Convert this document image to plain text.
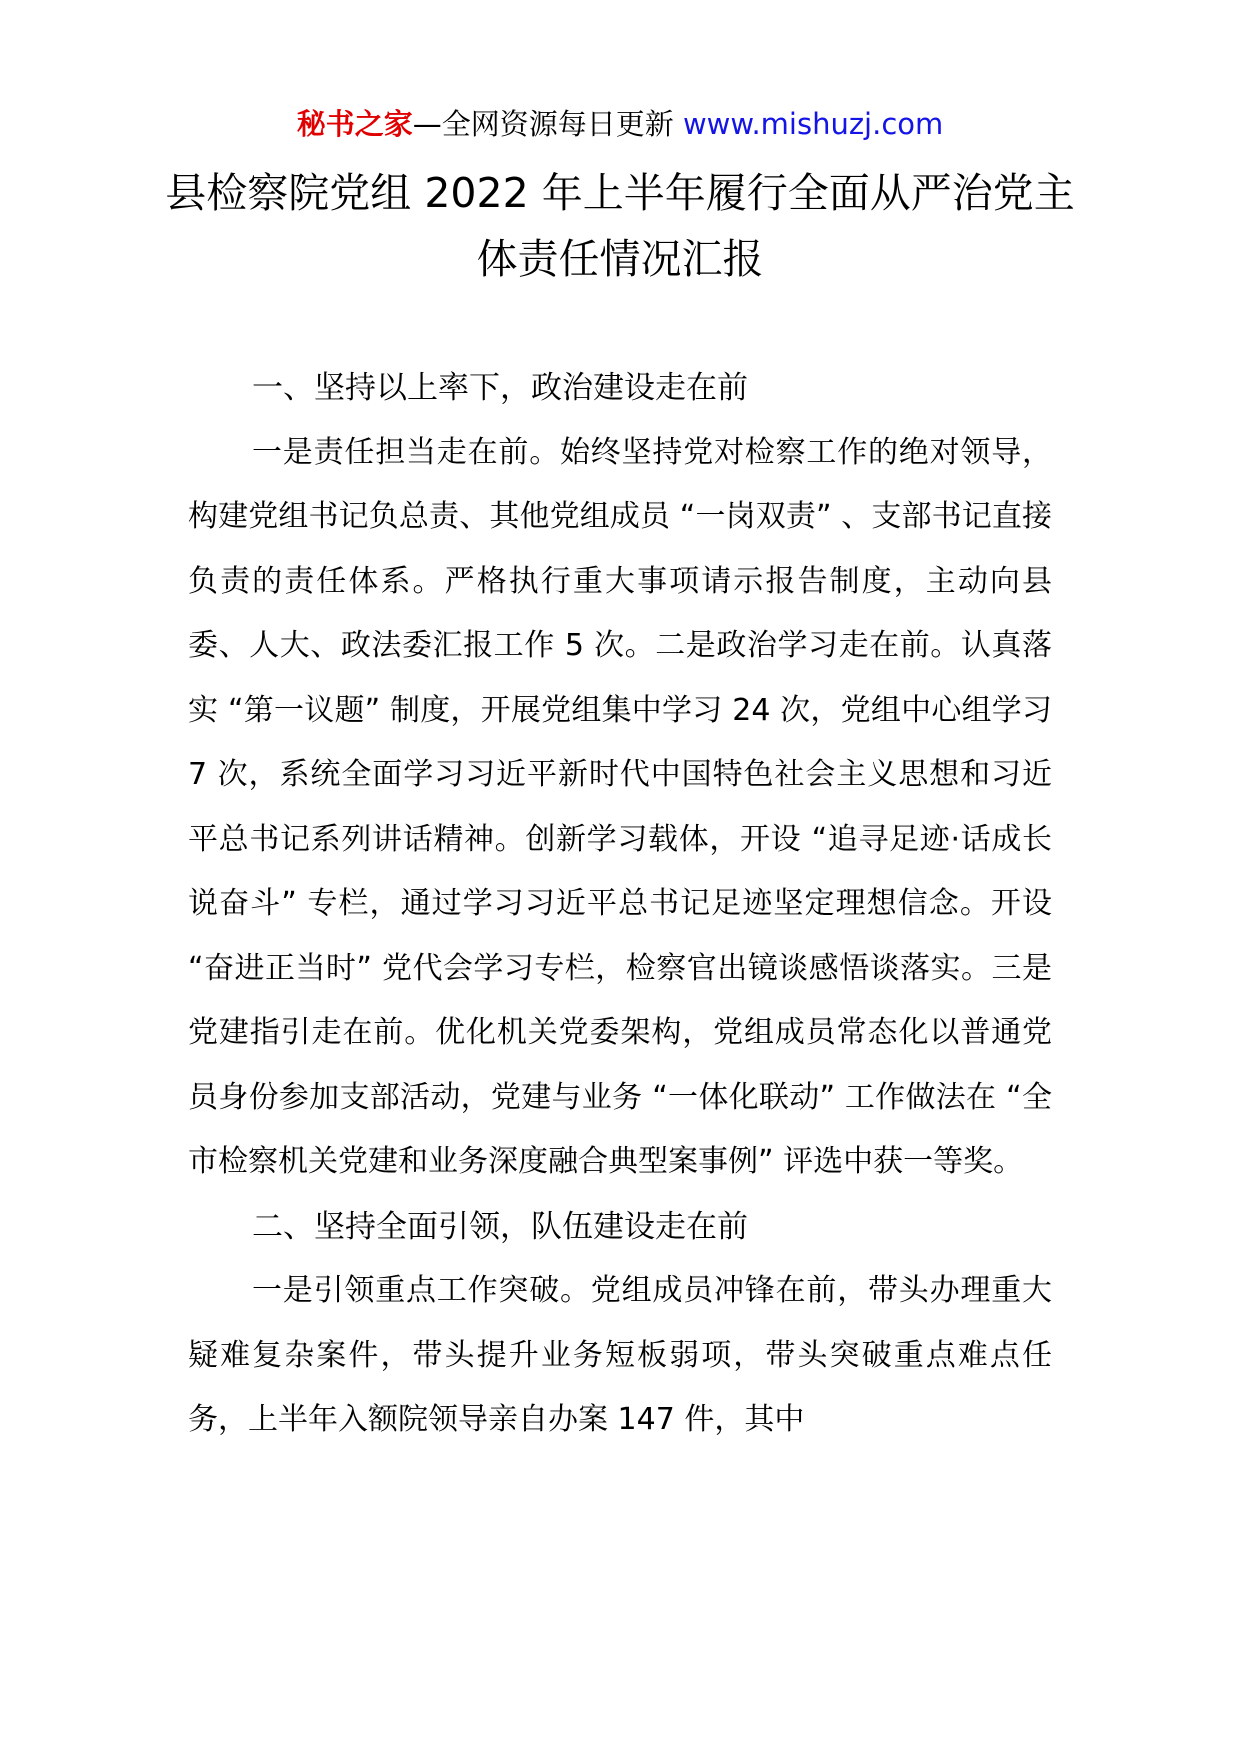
秘书之家—全网资源每日更新 www.mishuzj.com
县检察院党组 2022 年上半年履行全面从严治党主体责任情况汇报
一、坚持以上率下，政治建设走在前

一是责任担当走在前。始终坚持党对检察工作的绝对领导，构建党组书记负总责、其他党组成员 “一岗双责” 、支部书记直接负责的责任体系。严格执行重大事项请示报告制度，主动向县委、人大、政法委汇报工作 5 次。二是政治学习走在前。认真落实 “第一议题” 制度，开展党组集中学习 24 次，党组中心组学习 7 次，系统全面学习习近平新时代中国特色社会主义思想和习近平总书记系列讲话精神。创新学习载体，开设 “追寻足迹·话成长说奋斗” 专栏，通过学习习近平总书记足迹坚定理想信念。开设 “奋进正当时” 党代会学习专栏，检察官出镜谈感悟谈落实。三是党建指引走在前。优化机关党委架构，党组成员常态化以普通党员身份参加支部活动，党建与业务 “一体化联动” 工作做法在 “全市检察机关党建和业务深度融合典型案事例” 评选中获一等奖。

二、坚持全面引领，队伍建设走在前

一是引领重点工作突破。党组成员冲锋在前，带头办理重大疑难复杂案件，带头提升业务短板弱项，带头突破重点难点任务，上半年入额院领导亲自办案 147 件，其中
